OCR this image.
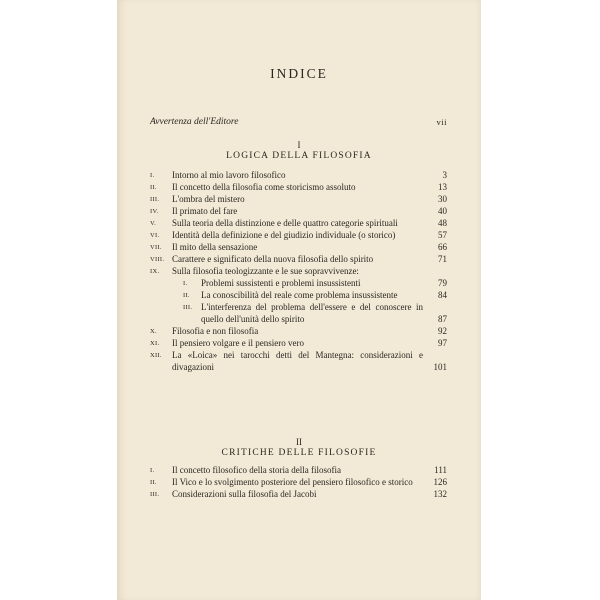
INDICE
Avvertenza dell'Editore	vii
I
LOGICA DELLA FILOSOFIA
I. Intorno al mio lavoro filosofico	3
II. Il concetto della filosofia come storicismo assoluto	13
III. L'ombra del mistero	30
IV. Il primato del fare	40
V. Sulla teoria della distinzione e delle quattro categorie spirituali	48
VI. Identità della definizione e del giudizio individuale (o storico)	57
VII. Il mito della sensazione	66
VIII. Carattere e significato della nuova filosofia dello spirito	71
IX. Sulla filosofia teologizzante e le sue sopravvivenze:
I. Problemi sussistenti e problemi insussistenti	79
II. La conoscibilità del reale come problema insussistente	84
III. L'interferenza del problema dell'essere e del conoscere in quello dell'unità dello spirito	87
X. Filosofia e non filosofia	92
XI. Il pensiero volgare e il pensiero vero	97
XII. La «Loica» nei tarocchi detti del Mantegna: considerazioni e divagazioni	101
II
CRITICHE DELLE FILOSOFIE
I. Il concetto filosofico della storia della filosofia	111
II. Il Vico e lo svolgimento posteriore del pensiero filosofico e storico	126
III. Considerazioni sulla filosofia del Jacobi	132
